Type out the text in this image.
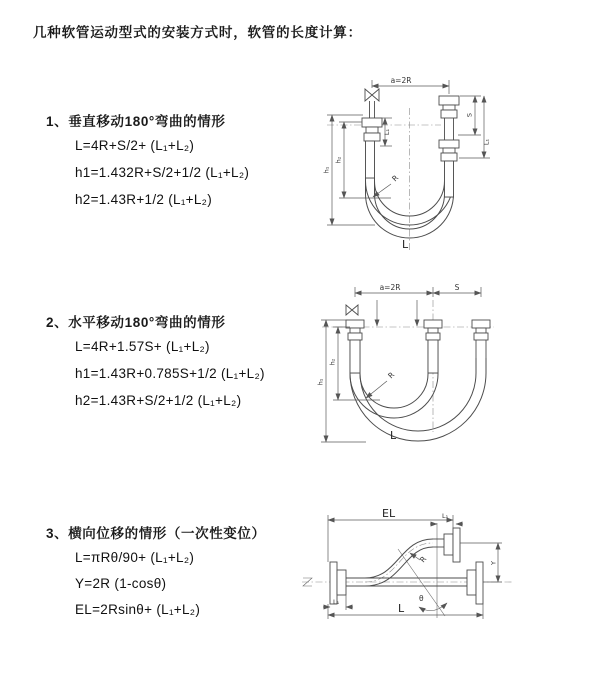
几种软管运动型式的安装方式时，软管的长度计算：
1、垂直移动180°弯曲的情形
L=4R+S/2+ (L₁+L₂)
h1=1.432R+S/2+1/2 (L₁+L₂)
h2=1.43R+1/2 (L₁+L₂)
2、水平移动180°弯曲的情形
L=4R+1.57S+ (L₁+L₂)
h1=1.43R+0.785S+1/2 (L₁+L₂)
h2=1.43R+S/2+1/2 (L₁+L₂)
3、横向位移的情形（一次性变位）
L=πRθ/90+ (L₁+L₂)
Y=2R (1-cosθ)
EL=2Rsinθ+ (L₁+L₂)
a=2R
h₁
h₂
L₁
S
L₁
R
L
a=2R	S
h₁
h₂
R
L
EL	L₁
Y
R
θ
L
L₁
